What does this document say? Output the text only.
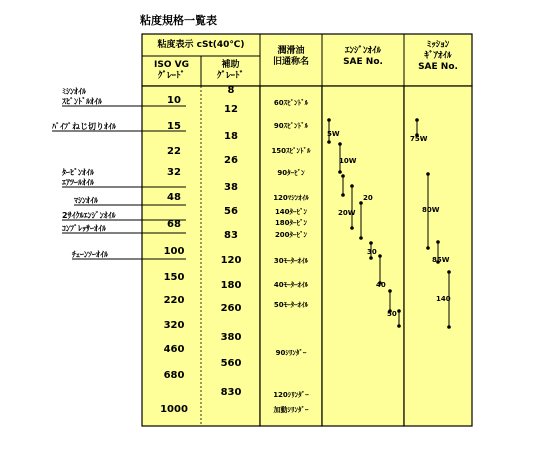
粘度規格一覧表
粘度表示 cSt(40℃)
ISO VG
ｸﾞﾚｰﾄﾞ
補助
ｸﾞﾚｰﾄﾞ
潤滑油
旧通称名
ｴﾝｼﾞﾝｵｲﾙ
SAE No.
ﾐｯｼｮﾝ
ｷﾞｱｵｲﾙ
SAE No.
ﾐｼﾝｵｲﾙ
ｽﾋﾟﾝﾄﾞﾙｵｲﾙ
ﾊﾟｲﾌﾟねじ切りｵｲﾙ
ﾀｰﾋﾞﾝｵｲﾙ
ｴｱﾂｰﾙｵｲﾙ
ﾏｼﾝｵｲﾙ
2ｻｲｸﾙｴﾝｼﾞﾝｵｲﾙ
ｺﾝﾌﾟﾚｯｻｰｵｲﾙ
ﾁｪｰﾝｿｰｵｲﾙ
10
15
22
32
48
68
100
150
220
320
460
680
1000
8
12
18
26
38
56
83
120
180
260
380
560
830
60ｽﾋﾟﾝﾄﾞﾙ
90ｽﾋﾟﾝﾄﾞﾙ
150ｽﾋﾟﾝﾄﾞﾙ
90ﾀｰﾋﾞﾝ
120ﾏｼﾝｵｲﾙ
140ﾀｰﾋﾞﾝ
180ﾀｰﾋﾞﾝ
200ﾀｰﾋﾞﾝ
30ﾓｰﾀｰｵｲﾙ
40ﾓｰﾀｰｵｲﾙ
50ﾓｰﾀｰｵｲﾙ
90ｼﾘﾝﾀﾞｰ
120ｼﾘﾝﾀﾞｰ
加動ｼﾘﾝﾀﾞｰ
5W
10W
20W
20
30
40
50
75W
80W
85W
140
